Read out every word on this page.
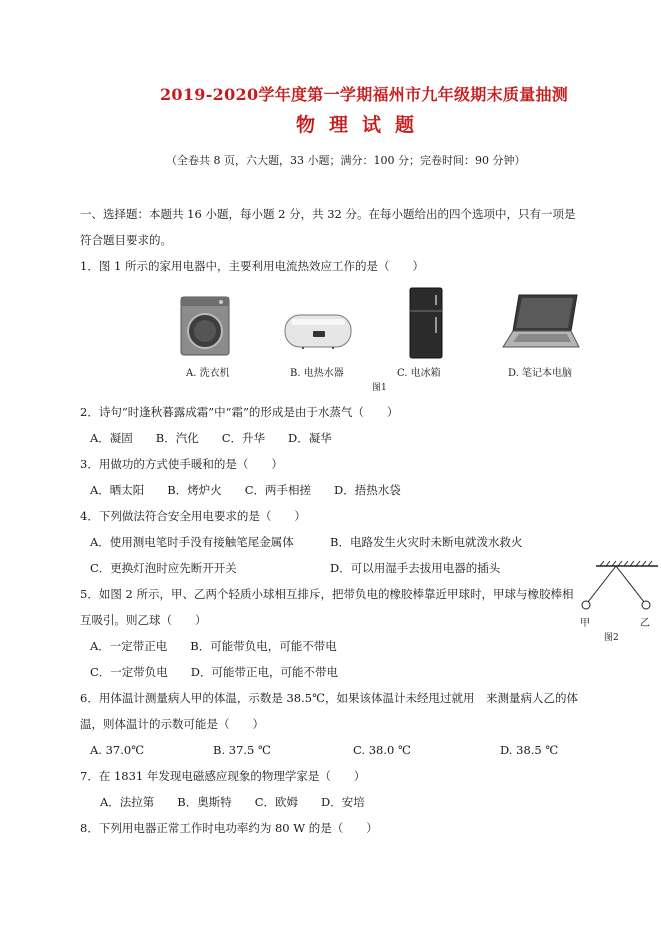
2019-2020学年度第一学期福州市九年级期末质量抽测
物理试题
（全卷共 8 页，六大题，33 小题；满分：100 分；完卷时间：90 分钟）
一、选择题：本题共 16 小题，每小题 2 分，共 32 分。在每小题给出的四个选项中，只有一项是
符合题目要求的。
1．图 1 所示的家用电器中，主要利用电流热效应工作的是（　　）
A. 洗衣机	B. 电热水器	C. 电冰箱	D. 笔记本电脑
图1
2．诗句“时逢秋暮露成霜”中“霜”的形成是由于水蒸气（　　）
A．凝固　　B．汽化　　C．升华　　D．凝华
3．用做功的方式使手暖和的是（　　）
A．晒太阳　　B．烤炉火　　C．两手相搓　　D．捂热水袋
4．下列做法符合安全用电要求的是（　　）
A．使用测电笔时手没有接触笔尾金属体	B．电路发生火灾时未断电就泼水救火
C．更换灯泡时应先断开开关	D．可以用湿手去拔用电器的插头
甲	乙
图2
5．如图 2 所示，甲、乙两个轻质小球相互排斥，把带负电的橡胶棒靠近甲球时，甲球与橡胶棒相
互吸引。则乙球（　　）
A．一定带正电　　B．可能带负电，可能不带电
C．一定带负电　　D．可能带正电，可能不带电
6．用体温计测量病人甲的体温，示数是 38.5℃，如果该体温计未经甩过就用　来测量病人乙的体
温，则体温计的示数可能是（　　）
A. 37.0℃	B. 37.5 ℃	C. 38.0 ℃	D. 38.5 ℃
7．在 1831 年发现电磁感应现象的物理学家是（　　）
A．法拉第　　B．奥斯特　　C．欧姆　　D．安培
8．下列用电器正常工作时电功率约为 80 W 的是（　　）
